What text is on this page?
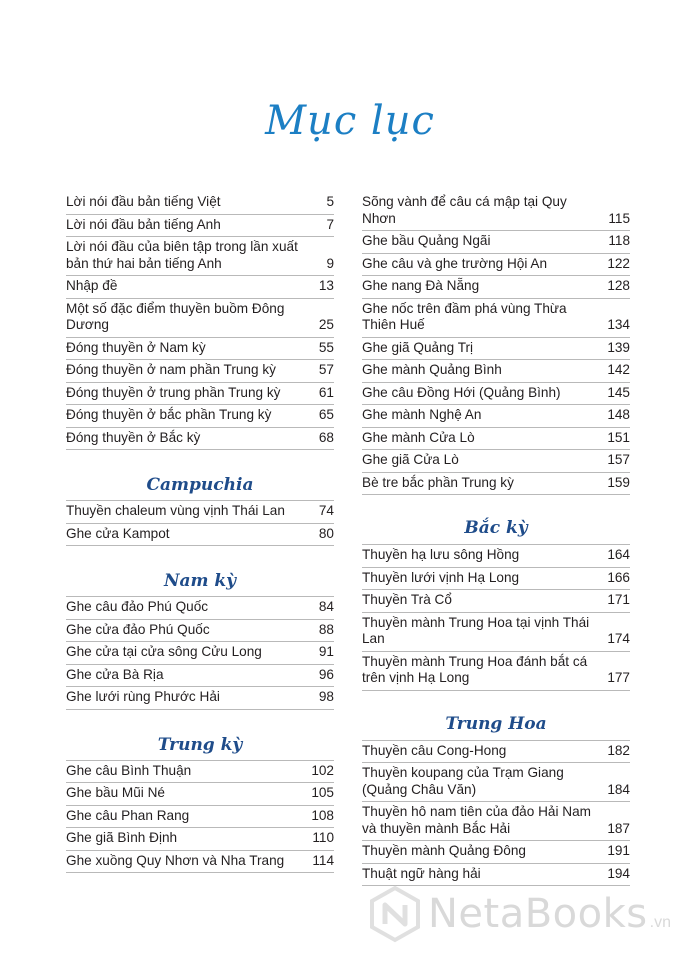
Mục lục
Lời nói đầu bản tiếng Việt	5
Lời nói đầu bản tiếng Anh	7
Lời nói đầu của biên tập trong lần xuất bản thứ hai bản tiếng Anh	9
Nhập đề	13
Một số đặc điểm thuyền buồm Đông Dương	25
Đóng thuyền ở Nam kỳ	55
Đóng thuyền ở nam phần Trung kỳ	57
Đóng thuyền ở trung phần Trung kỳ	61
Đóng thuyền ở bắc phần Trung kỳ	65
Đóng thuyền ở Bắc kỳ	68
Campuchia
Thuyền chaleum vùng vịnh Thái Lan 74
Ghe cửa Kampot	80
Nam kỳ
Ghe câu đảo Phú Quốc	84
Ghe cửa đảo Phú Quốc	88
Ghe cửa tại cửa sông Cửu Long	91
Ghe cửa Bà Rịa	96
Ghe lưới rùng Phước Hải	98
Trung kỳ
Ghe câu Bình Thuận	102
Ghe bầu Mũi Né	105
Ghe câu Phan Rang	108
Ghe giã Bình Định	110
Ghe xuồng Quy Nhơn và Nha Trang 114
Sõng vành để câu cá mập tại Quy Nhơn	115
Ghe bầu Quảng Ngãi	118
Ghe câu và ghe trường Hội An	122
Ghe nang Đà Nẵng	128
Ghe nốc trên đầm phá vùng Thừa Thiên Huế	134
Ghe giã Quảng Trị	139
Ghe mành Quảng Bình	142
Ghe câu Đồng Hới (Quảng Bình)	145
Ghe mành Nghệ An	148
Ghe mành Cửa Lò	151
Ghe giã Cửa Lò	157
Bè tre bắc phần Trung kỳ	159
Bắc kỳ
Thuyền hạ lưu sông Hồng	164
Thuyền lưới vịnh Hạ Long	166
Thuyền Trà Cổ	171
Thuyền mành Trung Hoa tại vịnh Thái Lan	174
Thuyền mành Trung Hoa đánh bắt cá trên vịnh Hạ Long	177
Trung Hoa
Thuyền câu Cong-Hong	182
Thuyền koupang của Trạm Giang (Quảng Châu Văn)	184
Thuyền hô nam tiên của đảo Hải Nam và thuyền mành Bắc Hải	187
Thuyền mành Quảng Đông	191
Thuật ngữ hàng hải	194
NetaBooks .vn
